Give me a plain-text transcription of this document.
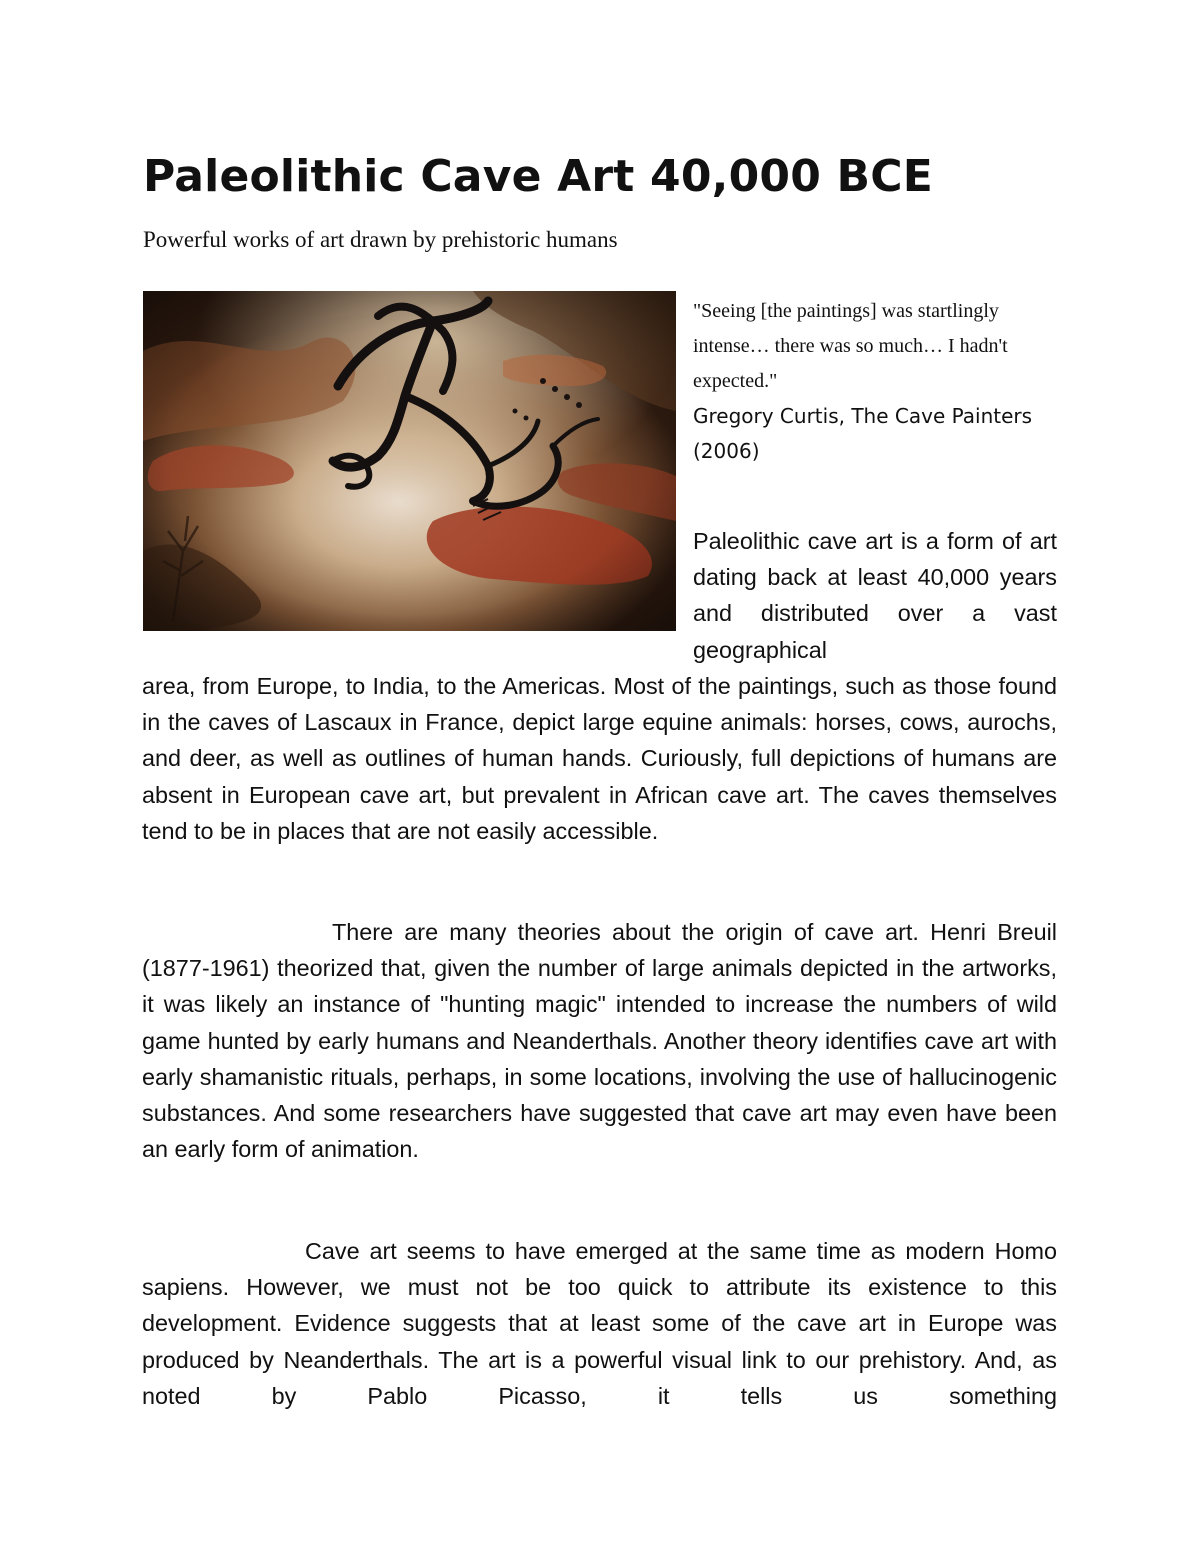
Paleolithic Cave Art 40,000 BCE

Powerful works of art drawn by prehistoric humans

"Seeing [the paintings] was startlingly intense… there was so much… I hadn't expected."

Gregory Curtis, The Cave Painters (2006)

Paleolithic cave art is a form of art dating back at least 40,000 years and distributed over a vast geographical

area, from Europe, to India, to the Americas. Most of the paintings, such as those found in the caves of Lascaux in France, depict large equine animals: horses, cows, aurochs, and deer, as well as outlines of human hands. Curiously, full depictions of humans are absent in European cave art, but prevalent in African cave art. The caves themselves tend to be in places that are not easily accessible.

There are many theories about the origin of cave art. Henri Breuil (1877-1961) theorized that, given the number of large animals depicted in the artworks, it was likely an instance of "hunting magic" intended to increase the numbers of wild game hunted by early humans and Neanderthals. Another theory identifies cave art with early shamanistic rituals, perhaps, in some locations, involving the use of hallucinogenic substances. And some researchers have suggested that cave art may even have been an early form of animation.

Cave art seems to have emerged at the same time as modern Homo sapiens. However, we must not be too quick to attribute its existence to this development. Evidence suggests that at least some of the cave art in Europe was produced by Neanderthals. The art is a powerful visual link to our prehistory. And, as noted by Pablo Picasso, it tells us something
